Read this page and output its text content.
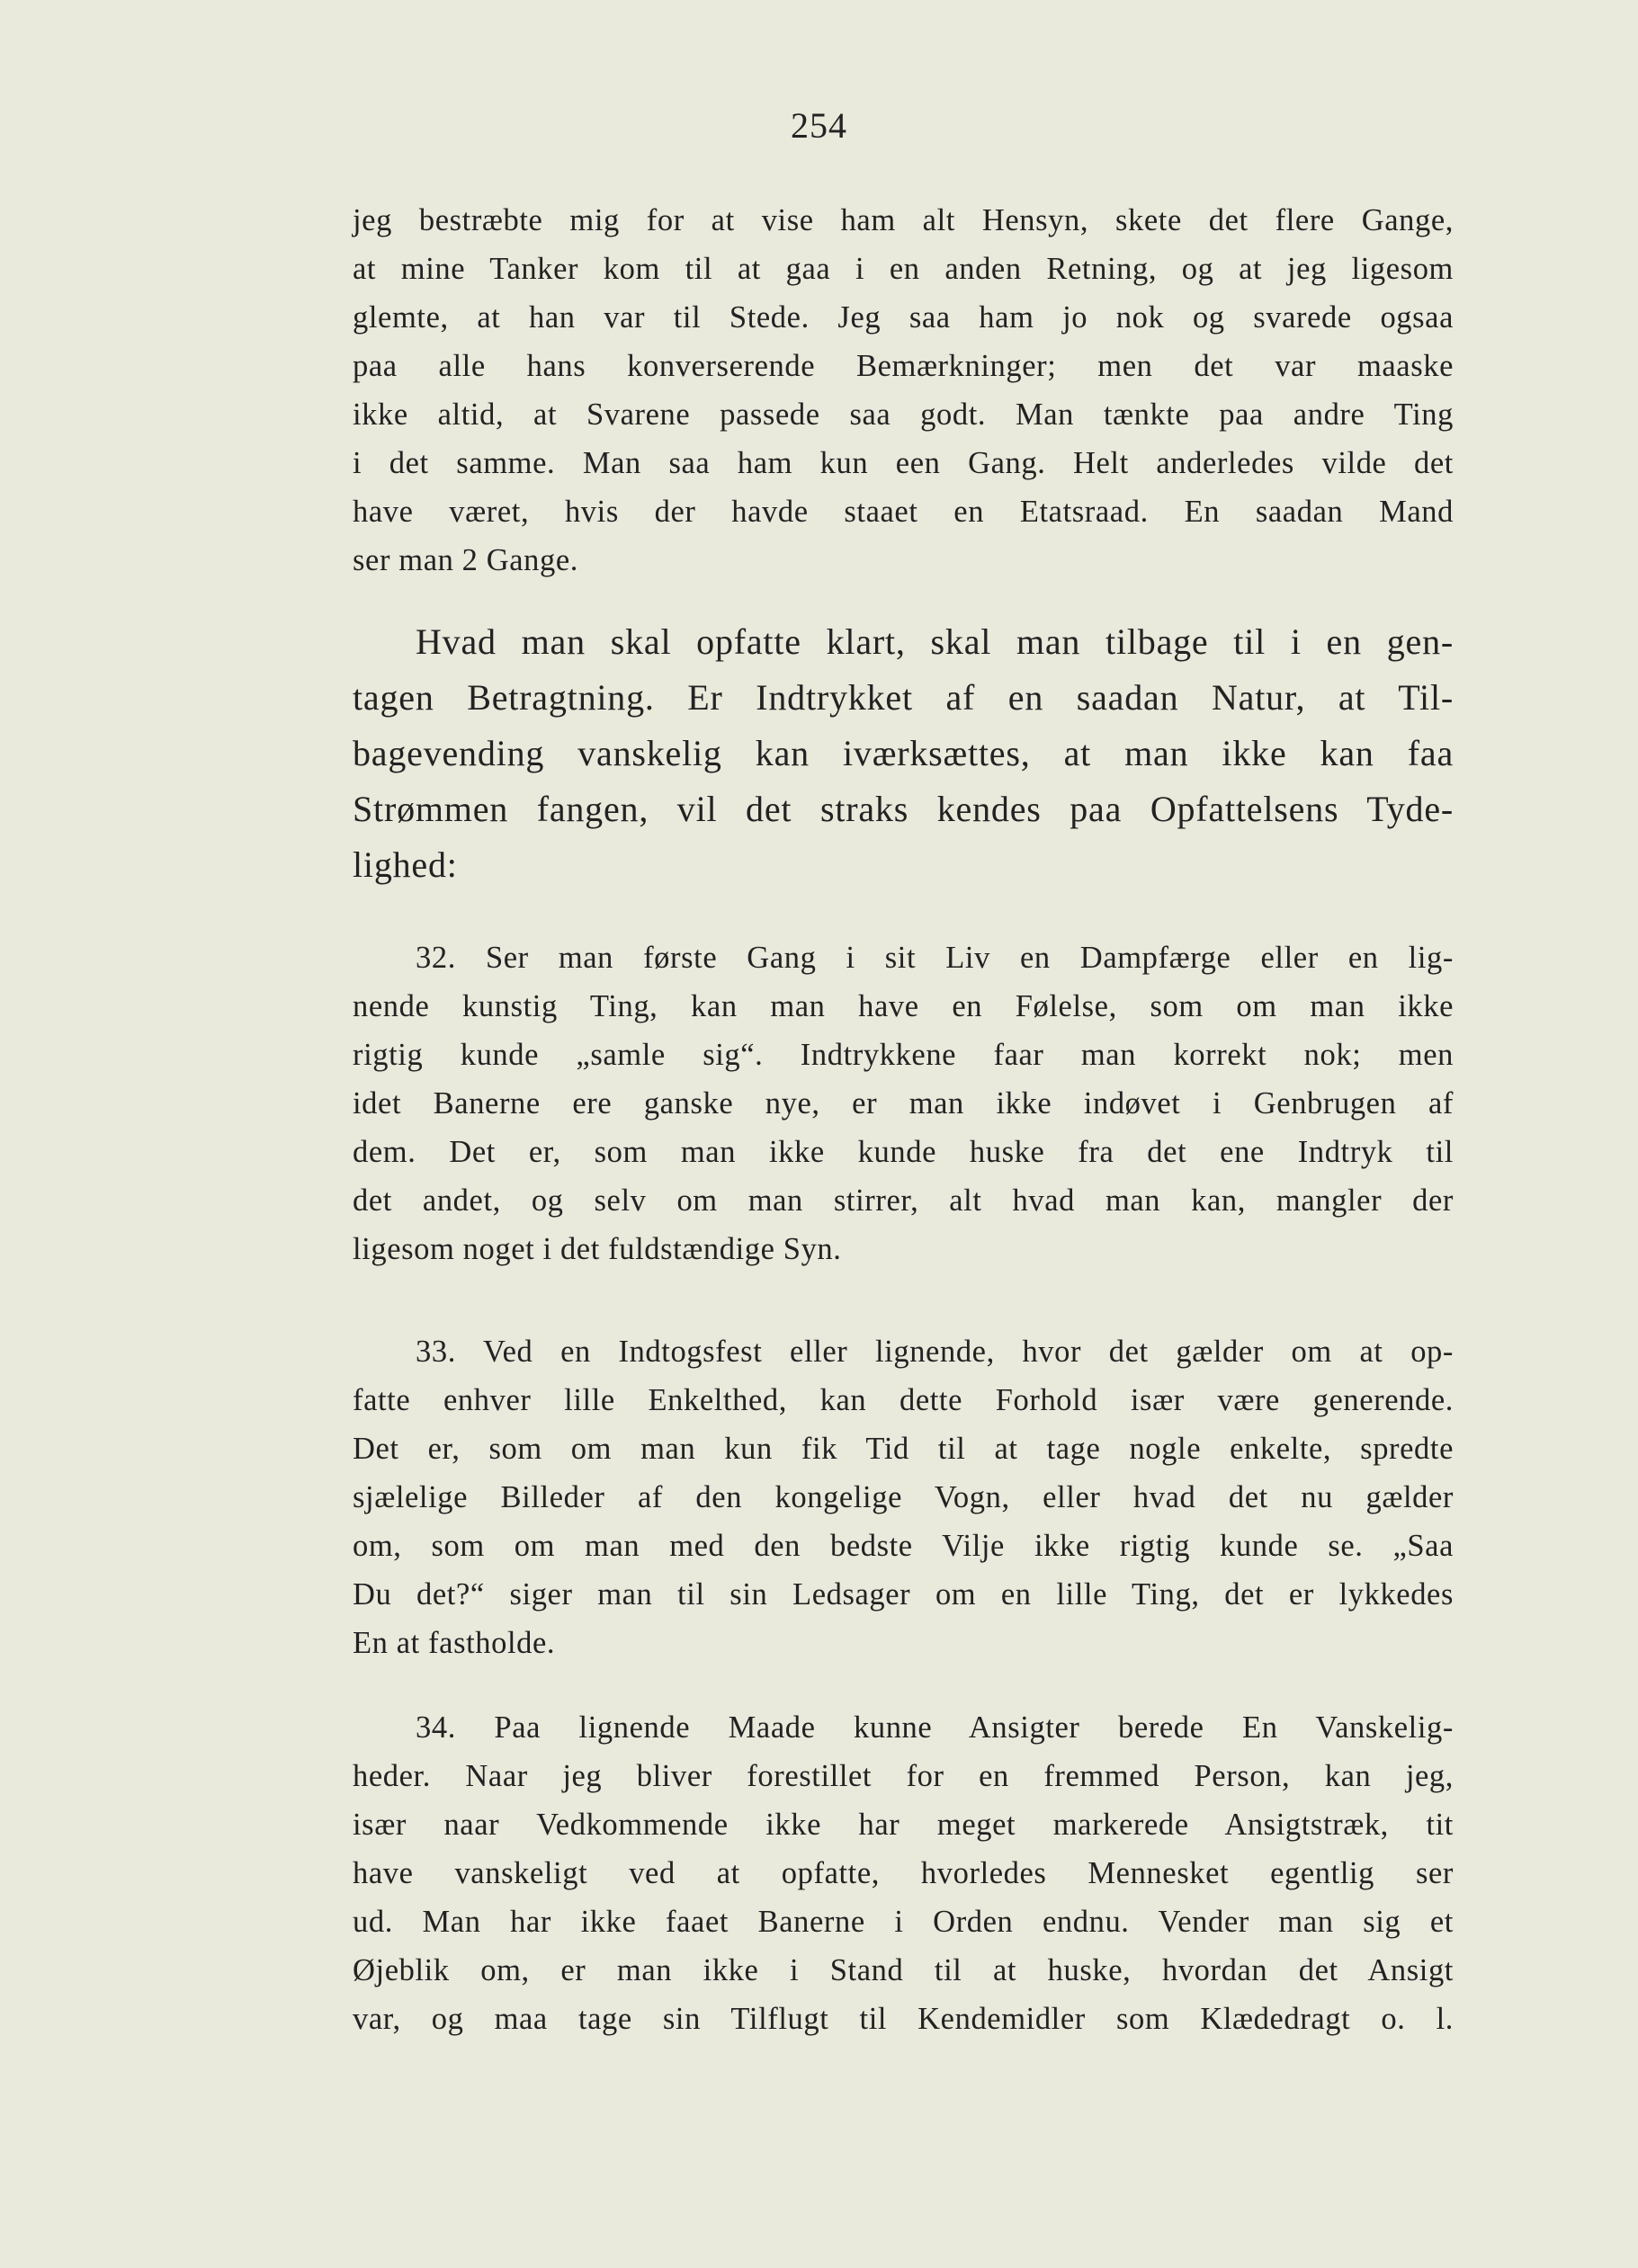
254
jeg bestræbte mig for at vise ham alt Hensyn, skete det flere Gange,
at mine Tanker kom til at gaa i en anden Retning, og at jeg ligesom
glemte, at han var til Stede. Jeg saa ham jo nok og svarede ogsaa
paa alle hans konverserende Bemærkninger; men det var maaske
ikke altid, at Svarene passede saa godt. Man tænkte paa andre Ting
i det samme. Man saa ham kun een Gang. Helt anderledes vilde det
have været, hvis der havde staaet en Etatsraad. En saadan Mand
ser man 2 Gange.
Hvad man skal opfatte klart, skal man tilbage til i en gen-
tagen Betragtning. Er Indtrykket af en saadan Natur, at Til-
bagevending vanskelig kan iværksættes, at man ikke kan faa
Strømmen fangen, vil det straks kendes paa Opfattelsens Tyde-
lighed:
32. Ser man første Gang i sit Liv en Dampfærge eller en lig-
nende kunstig Ting, kan man have en Følelse, som om man ikke
rigtig kunde „samle sig“. Indtrykkene faar man korrekt nok; men
idet Banerne ere ganske nye, er man ikke indøvet i Genbrugen af
dem. Det er, som man ikke kunde huske fra det ene Indtryk til
det andet, og selv om man stirrer, alt hvad man kan, mangler der
ligesom noget i det fuldstændige Syn.
33. Ved en Indtogsfest eller lignende, hvor det gælder om at op-
fatte enhver lille Enkelthed, kan dette Forhold især være generende.
Det er, som om man kun fik Tid til at tage nogle enkelte, spredte
sjælelige Billeder af den kongelige Vogn, eller hvad det nu gælder
om, som om man med den bedste Vilje ikke rigtig kunde se. „Saa
Du det?“ siger man til sin Ledsager om en lille Ting, det er lykkedes
En at fastholde.
34. Paa lignende Maade kunne Ansigter berede En Vanskelig-
heder. Naar jeg bliver forestillet for en fremmed Person, kan jeg,
især naar Vedkommende ikke har meget markerede Ansigtstræk, tit
have vanskeligt ved at opfatte, hvorledes Mennesket egentlig ser
ud. Man har ikke faaet Banerne i Orden endnu. Vender man sig et
Øjeblik om, er man ikke i Stand til at huske, hvordan det Ansigt
var, og maa tage sin Tilflugt til Kendemidler som Klædedragt o. l.
